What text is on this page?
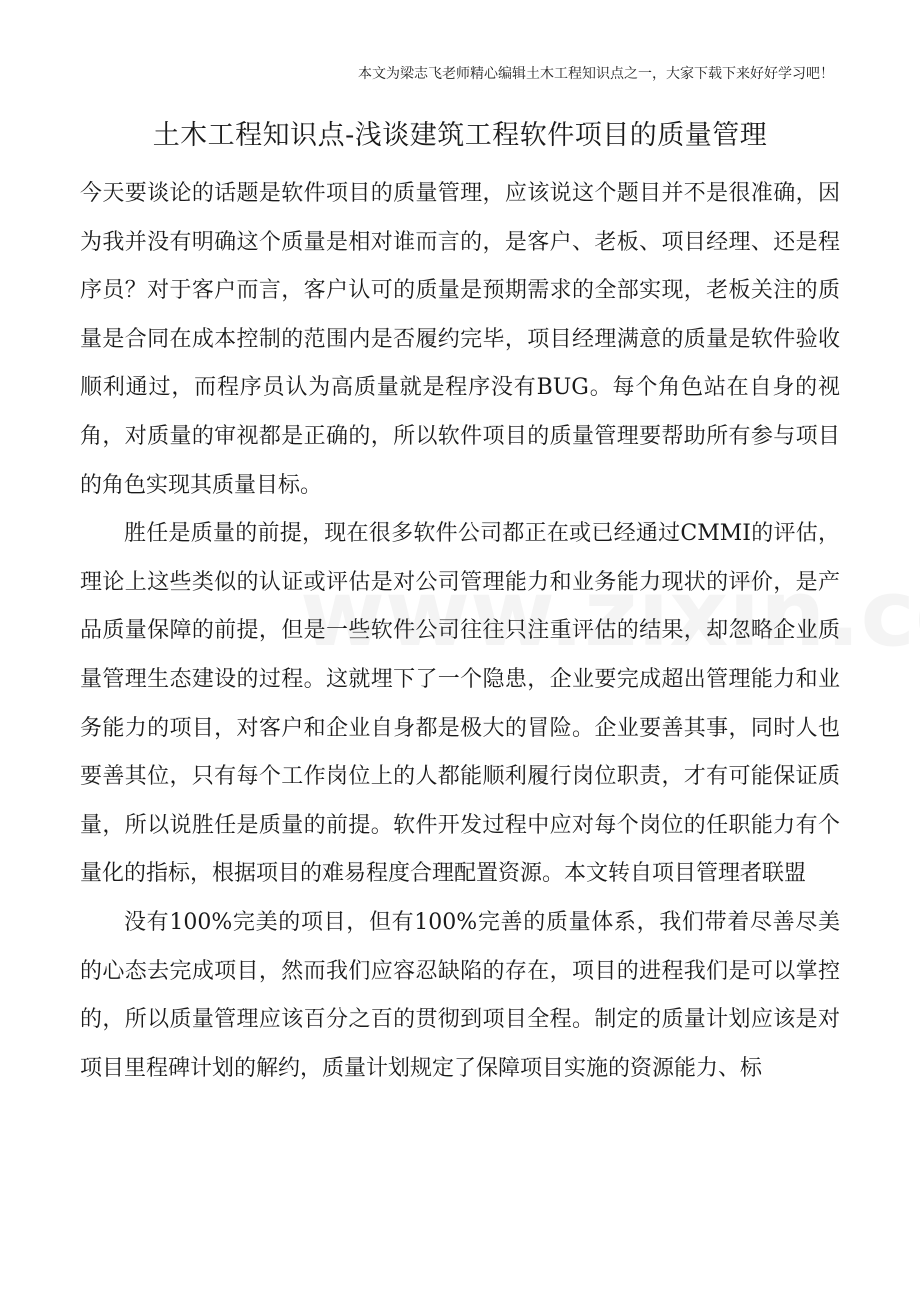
本文为梁志飞老师精心编辑土木工程知识点之一，大家下载下来好好学习吧！
土木工程知识点-浅谈建筑工程软件项目的质量管理

今天要谈论的话题是软件项目的质量管理，应该说这个题目并不是很准确，因为我并没有明确这个质量是相对谁而言的，是客户、老板、项目经理、还是程序员？对于客户而言，客户认可的质量是预期需求的全部实现，老板关注的质量是合同在成本控制的范围内是否履约完毕，项目经理满意的质量是软件验收顺利通过，而程序员认为高质量就是程序没有BUG。每个角色站在自身的视角，对质量的审视都是正确的，所以软件项目的质量管理要帮助所有参与项目的角色实现其质量目标。

胜任是质量的前提，现在很多软件公司都正在或已经通过CMMI的评估，理论上这些类似的认证或评估是对公司管理能力和业务能力现状的评价，是产品质量保障的前提，但是一些软件公司往往只注重评估的结果，却忽略企业质量管理生态建设的过程。这就埋下了一个隐患，企业要完成超出管理能力和业务能力的项目，对客户和企业自身都是极大的冒险。企业要善其事，同时人也要善其位，只有每个工作岗位上的人都能顺利履行岗位职责，才有可能保证质量，所以说胜任是质量的前提。软件开发过程中应对每个岗位的任职能力有个量化的指标，根据项目的难易程度合理配置资源。本文转自项目管理者联盟

没有100%完美的项目，但有100%完善的质量体系，我们带着尽善尽美的心态去完成项目，然而我们应容忍缺陷的存在，项目的进程我们是可以掌控的，所以质量管理应该百分之百的贯彻到项目全程。制定的质量计划应该是对项目里程碑计划的解约，质量计划规定了保障项目实施的资源能力、标
